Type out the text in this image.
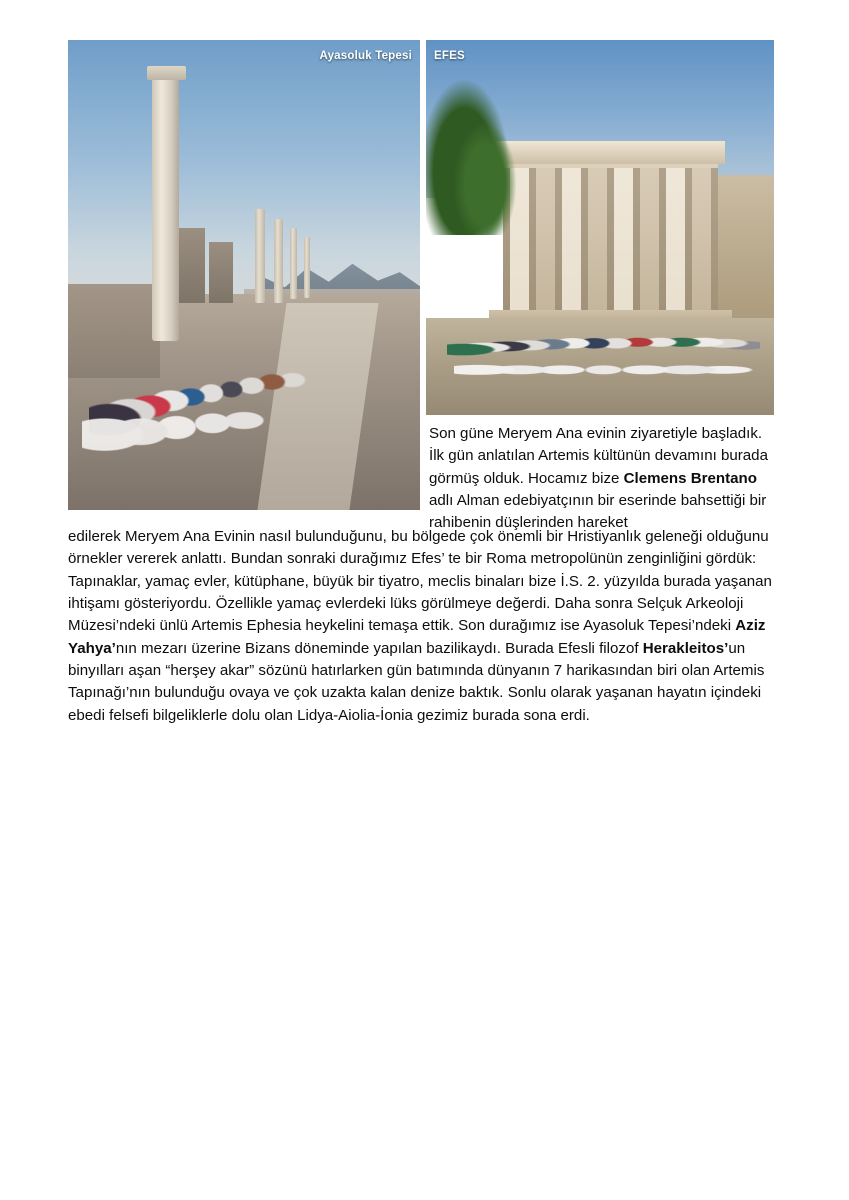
Ayasoluk Tepesi EFES

Son güne Meryem Ana evinin ziyaretiyle başladık. İlk gün anlatılan Artemis kültünün devamını burada görmüş olduk. Hocamız bize Clemens Brentano adlı Alman edebiyatçının bir eserinde bahsettiği bir rahibenin düşlerinden hareket

edilerek Meryem Ana Evinin nasıl bulunduğunu, bu bölgede çok önemli bir Hristiyanlık geleneği olduğunu örnekler vererek anlattı. Bundan sonraki durağımız Efes’ te bir Roma metropolünün zenginliğini gördük: Tapınaklar, yamaç evler, kütüphane, büyük bir tiyatro, meclis binaları bize İ.S. 2. yüzyılda burada yaşanan ihtişamı gösteriyordu. Özellikle yamaç evlerdeki lüks görülmeye değerdi. Daha sonra Selçuk Arkeoloji Müzesi’ndeki ünlü Artemis Ephesia heykelini temaşa ettik. Son durağımız ise Ayasoluk Tepesi’ndeki Aziz Yahya’nın mezarı üzerine Bizans döneminde yapılan bazilikaydı. Burada Efesli filozof Herakleitos’un binyılları aşan “herşey akar” sözünü hatırlarken gün batımında dünyanın 7 harikasından biri olan Artemis Tapınağı’nın bulunduğu ovaya ve çok uzakta kalan denize baktık. Sonlu olarak yaşanan hayatın içindeki ebedi felsefi bilgeliklerle dolu olan Lidya-Aiolia-İonia gezimiz burada sona erdi.
